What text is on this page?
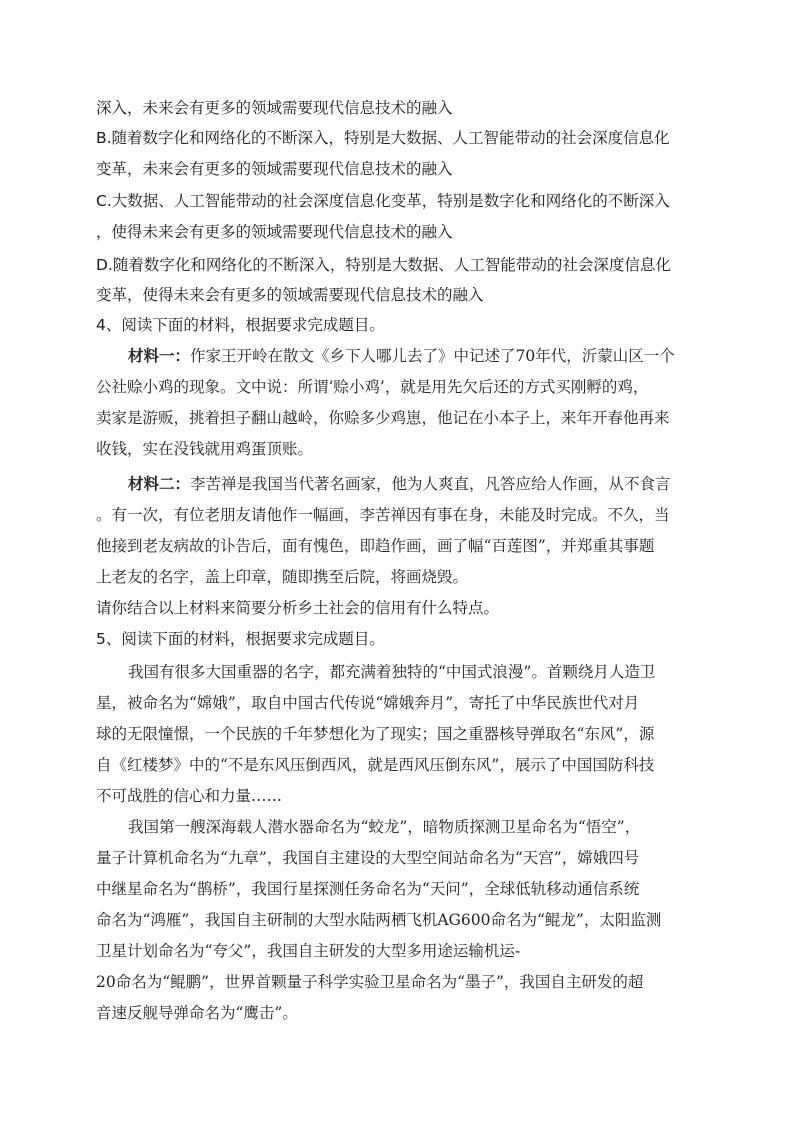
深入，未来会有更多的领域需要现代信息技术的融入
B.随着数字化和网络化的不断深入，特别是大数据、人工智能带动的社会深度信息化
变革，未来会有更多的领域需要现代信息技术的融入
C.大数据、人工智能带动的社会深度信息化变革，特别是数字化和网络化的不断深入
，使得未来会有更多的领域需要现代信息技术的融入
D.随着数字化和网络化的不断深入，特别是大数据、人工智能带动的社会深度信息化
变革，使得未来会有更多的领域需要现代信息技术的融入
4、阅读下面的材料，根据要求完成题目。
材料一：作家王开岭在散文《乡下人哪儿去了》中记述了70年代，沂蒙山区一个
公社赊小鸡的现象。文中说：所谓‘赊小鸡’，就是用先欠后还的方式买刚孵的鸡，
卖家是游贩，挑着担子翻山越岭，你赊多少鸡崽，他记在小本子上，来年开春他再来
收钱，实在没钱就用鸡蛋顶账。
材料二：李苦禅是我国当代著名画家，他为人爽直，凡答应给人作画，从不食言
。有一次，有位老朋友请他作一幅画，李苦禅因有事在身，未能及时完成。不久，当
他接到老友病故的讣告后，面有愧色，即趋作画，画了幅“百莲图”，并郑重其事题
上老友的名字，盖上印章，随即携至后院，将画烧毁。
请你结合以上材料来简要分析乡土社会的信用有什么特点。
5、阅读下面的材料，根据要求完成题目。
我国有很多大国重器的名字，都充满着独特的“中国式浪漫”。首颗绕月人造卫
星，被命名为“嫦娥”，取自中国古代传说“嫦娥奔月”，寄托了中华民族世代对月
球的无限憧憬，一个民族的千年梦想化为了现实；国之重器核导弹取名“东风”，源
自《红楼梦》中的“不是东风压倒西风，就是西风压倒东风”，展示了中国国防科技
不可战胜的信心和力量……
我国第一艘深海载人潜水器命名为“蛟龙”，暗物质探测卫星命名为“悟空”，
量子计算机命名为“九章”，我国自主建设的大型空间站命名为“天宫”，嫦娥四号
中继星命名为“鹊桥”，我国行星探测任务命名为“天问”，全球低轨移动通信系统
命名为“鸿雁”，我国自主研制的大型水陆两栖飞机AG600命名为“鲲龙”，太阳监测
卫星计划命名为“夸父”，我国自主研发的大型多用途运输机运-
20命名为“鲲鹏”，世界首颗量子科学实验卫星命名为“墨子”，我国自主研发的超
音速反舰导弹命名为“鹰击”。
